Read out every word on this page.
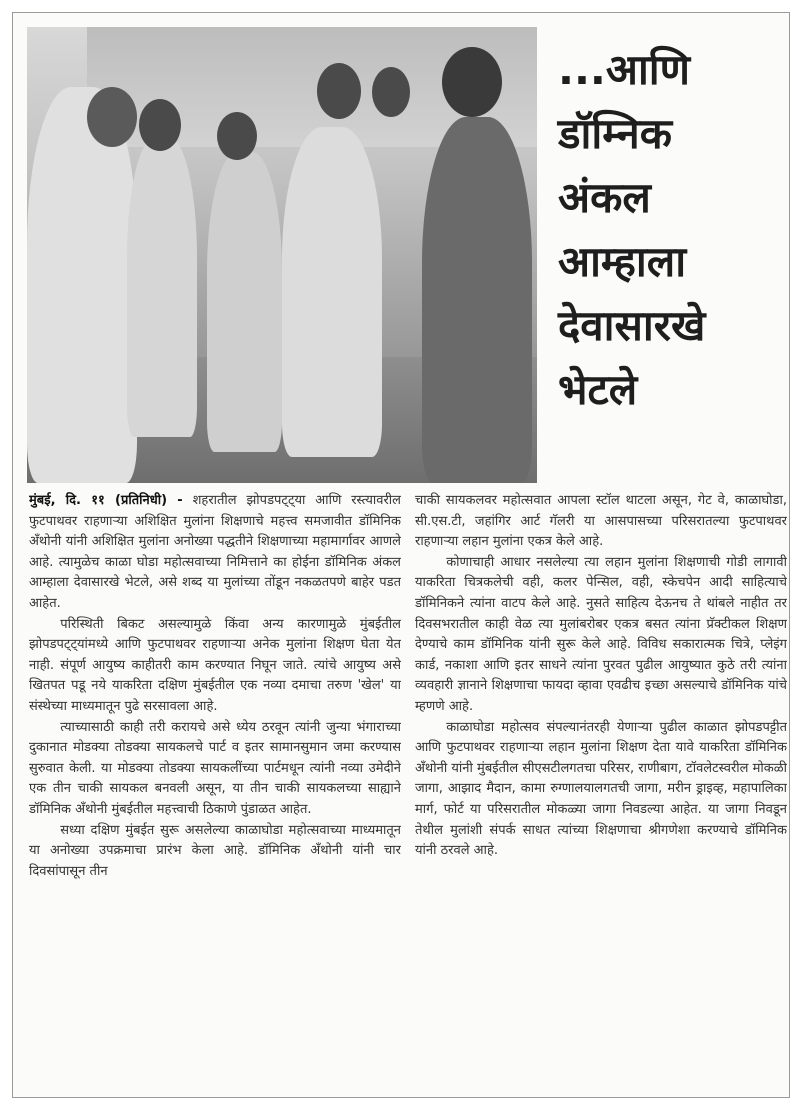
...आणि
डॉम्निक
अंकल
आम्हाला
देवासारखे
भेटले

मुंबई, दि. ११ (प्रतिनिधी) - शहरातील झोपडपट्ट्या आणि रस्त्यावरील फुटपाथवर राहणाऱ्या अशिक्षित मुलांना शिक्षणाचे महत्त्व समजावीत डॉमिनिक अँथोनी यांनी अशिक्षित मुलांना अनोख्या पद्धतीने शिक्षणाच्या महामार्गावर आणले आहे. त्यामुळेच काळा घोडा महोत्सवाच्या निमित्ताने का होईना डॉमिनिक अंकल आम्हाला देवासारखे भेटले, असे शब्द या मुलांच्या तोंडून नकळतपणे बाहेर पडत आहेत.

परिस्थिती बिकट असल्यामुळे किंवा अन्य कारणामुळे मुंबईतील झोपडपट्ट्यांमध्ये आणि फुटपाथवर राहणाऱ्या अनेक मुलांना शिक्षण घेता येत नाही. संपूर्ण आयुष्य काहीतरी काम करण्यात निघून जाते. त्यांचे आयुष्य असे खितपत पडू नये याकरिता दक्षिण मुंबईतील एक नव्या दमाचा तरुण 'खेल' या संस्थेच्या माध्यमातून पुढे सरसावला आहे.

त्याच्यासाठी काही तरी करायचे असे ध्येय ठरवून त्यांनी जुन्या भंगाराच्या दुकानात मोडक्या तोडक्या सायकलचे पार्ट व इतर सामानसुमान जमा करण्यास सुरुवात केली. या मोडक्या तोडक्या सायकलींच्या पार्टमधून त्यांनी नव्या उमेदीने एक तीन चाकी सायकल बनवली असून, या तीन चाकी सायकलच्या साह्याने डॉमिनिक अँथोनी मुंबईतील महत्त्वाची ठिकाणे पुंडाळत आहेत.

सध्या दक्षिण मुंबईत सुरू असलेल्या काळाघोडा महोत्सवाच्या माध्यमातून या अनोख्या उपक्रमाचा प्रारंभ केला आहे. डॉमिनिक अँथोनी यांनी चार दिवसांपासून तीन

चाकी सायकलवर महोत्सवात आपला स्टॉल थाटला असून, गेट वे, काळाघोडा, सी.एस.टी, जहांगिर आर्ट गॅलरी या आसपासच्या परिसरातल्या फुटपाथवर राहणाऱ्या लहान मुलांना एकत्र केले आहे.

कोणाचाही आधार नसलेल्या त्या लहान मुलांना शिक्षणाची गोडी लागावी याकरिता चित्रकलेची वही, कलर पेन्सिल, वही, स्केचपेन आदी साहित्याचे डॉमिनिकने त्यांना वाटप केले आहे. नुसते साहित्य देऊनच ते थांबले नाहीत तर दिवसभरातील काही वेळ त्या मुलांबरोबर एकत्र बसत त्यांना प्रॅक्टीकल शिक्षण देण्याचे काम डॉमिनिक यांनी सुरू केले आहे. विविध सकारात्मक चित्रे, प्लेइंग कार्ड, नकाशा आणि इतर साधने त्यांना पुरवत पुढील आयुष्यात कुठे तरी त्यांना व्यवहारी ज्ञानाने शिक्षणाचा फायदा व्हावा एवढीच इच्छा असल्याचे डॉमिनिक यांचे म्हणणे आहे.

काळाघोडा महोत्सव संपल्यानंतरही येणाऱ्या पुढील काळात झोपडपट्टीत आणि फुटपाथवर राहणाऱ्या लहान मुलांना शिक्षण देता यावे याकरिता डॉमिनिक अँथोनी यांनी मुंबईतील सीएसटीलगतचा परिसर, राणीबाग, टॉवलेटस्वरील मोकळी जागा, आझाद मैदान, कामा रुग्णालयालगतची जागा, मरीन ड्राइव्ह, महापालिका मार्ग, फोर्ट या परिसरातील मोकळ्या जागा निवडल्या आहेत. या जागा निवडून तेथील मुलांशी संपर्क साधत त्यांच्या शिक्षणाचा श्रीगणेशा करण्याचे डॉमिनिक यांनी ठरवले आहे.
